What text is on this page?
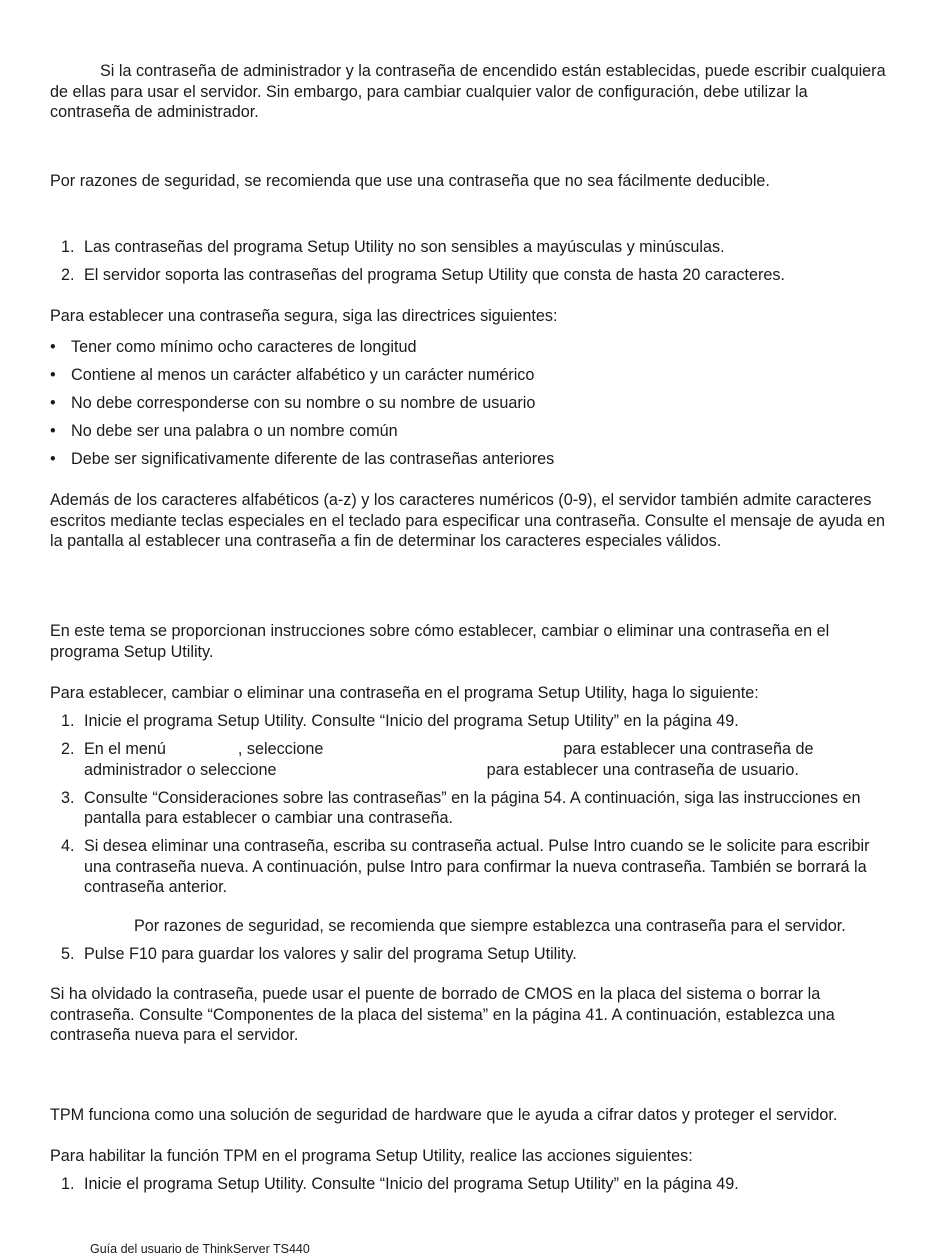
Si la contraseña de administrador y la contraseña de encendido están establecidas, puede escribir cualquiera de ellas para usar el servidor. Sin embargo, para cambiar cualquier valor de configuración, debe utilizar la contraseña de administrador.

Por razones de seguridad, se recomienda que use una contraseña que no sea fácilmente deducible.

1. Las contraseñas del programa Setup Utility no son sensibles a mayúsculas y minúsculas.
2. El servidor soporta las contraseñas del programa Setup Utility que consta de hasta 20 caracteres.

Para establecer una contraseña segura, siga las directrices siguientes:

• Tener como mínimo ocho caracteres de longitud
• Contiene al menos un carácter alfabético y un carácter numérico
• No debe corresponderse con su nombre o su nombre de usuario
• No debe ser una palabra o un nombre común
• Debe ser significativamente diferente de las contraseñas anteriores

Además de los caracteres alfabéticos (a-z) y los caracteres numéricos (0-9), el servidor también admite caracteres escritos mediante teclas especiales en el teclado para especificar una contraseña. Consulte el mensaje de ayuda en la pantalla al establecer una contraseña a fin de determinar los caracteres especiales válidos.

En este tema se proporcionan instrucciones sobre cómo establecer, cambiar o eliminar una contraseña en el programa Setup Utility.

Para establecer, cambiar o eliminar una contraseña en el programa Setup Utility, haga lo siguiente:

1. Inicie el programa Setup Utility. Consulte “Inicio del programa Setup Utility” en la página 49.
2. En el menú	, seleccione	para establecer una contraseña de
administrador o seleccione	para establecer una contraseña de usuario.
3. Consulte “Consideraciones sobre las contraseñas” en la página 54. A continuación, siga las instrucciones en pantalla para establecer o cambiar una contraseña.
4. Si desea eliminar una contraseña, escriba su contraseña actual. Pulse Intro cuando se le solicite para escribir una contraseña nueva. A continuación, pulse Intro para confirmar la nueva contraseña. También se borrará la contraseña anterior.
Por razones de seguridad, se recomienda que siempre establezca una contraseña para el servidor.
5. Pulse F10 para guardar los valores y salir del programa Setup Utility.

Si ha olvidado la contraseña, puede usar el puente de borrado de CMOS en la placa del sistema o borrar la contraseña. Consulte “Componentes de la placa del sistema” en la página 41. A continuación, establezca una contraseña nueva para el servidor.

TPM funciona como una solución de seguridad de hardware que le ayuda a cifrar datos y proteger el servidor.

Para habilitar la función TPM en el programa Setup Utility, realice las acciones siguientes:

1. Inicie el programa Setup Utility. Consulte “Inicio del programa Setup Utility” en la página 49.
Guía del usuario de ThinkServer TS440
